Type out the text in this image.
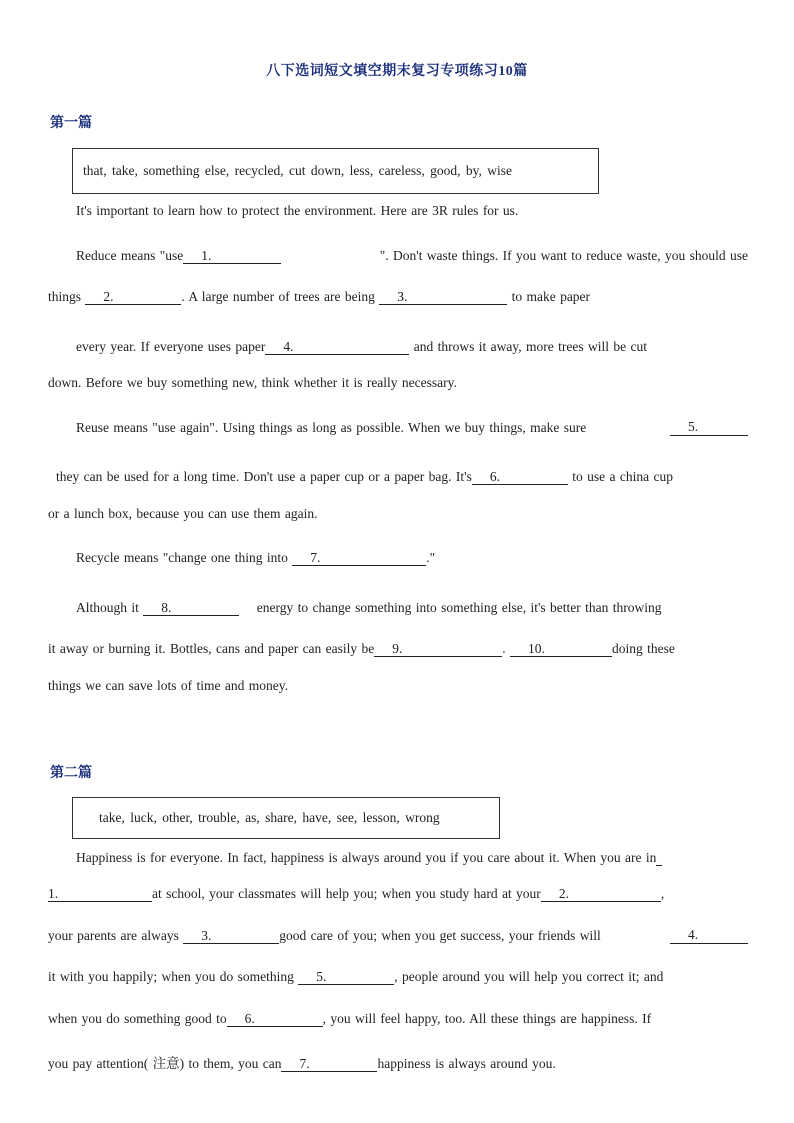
八下选词短文填空期末复习专项练习10篇
第一篇
that, take, something else, recycled, cut down, less, careless, good, by, wise
It's important to learn how to protect the environment. Here are 3R rules for us.
Reduce means "use 1.	". Don't waste things. If you want to reduce waste, you should use
things 2.	. A large number of trees are being 3.	to make paper
every year. If everyone uses paper 4.	and throws it away, more trees will be cut
down. Before we buy something new, think whether it is really necessary.
Reuse means "use again". Using things as long as possible. When we buy things, make sure	5.
they can be used for a long time. Don't use a paper cup or a paper bag. It's 6.	to use a china cup
or a lunch box, because you can use them again.
Recycle means "change one thing into 7.	."
Although it 8.	energy to change something into something else, it's better than throwing
it away or burning it. Bottles, cans and paper can easily be 9.	. 10.	doing these
things we can save lots of time and money.
第二篇
take, luck, other, trouble, as, share, have, see, lesson, wrong
Happiness is for everyone. In fact, happiness is always around you if you care about it. When you are in
1.	at school, your classmates will help you; when you study hard at your 2.	,
your parents are always 3.	good care of you; when you get success, your friends will	4.
it with you happily; when you do something 5.	, people around you will help you correct it; and
when you do something good to 6.	, you will feel happy, too. All these things are happiness. If
you pay attention( 注意) to them, you can 7.	happiness is always around you.
